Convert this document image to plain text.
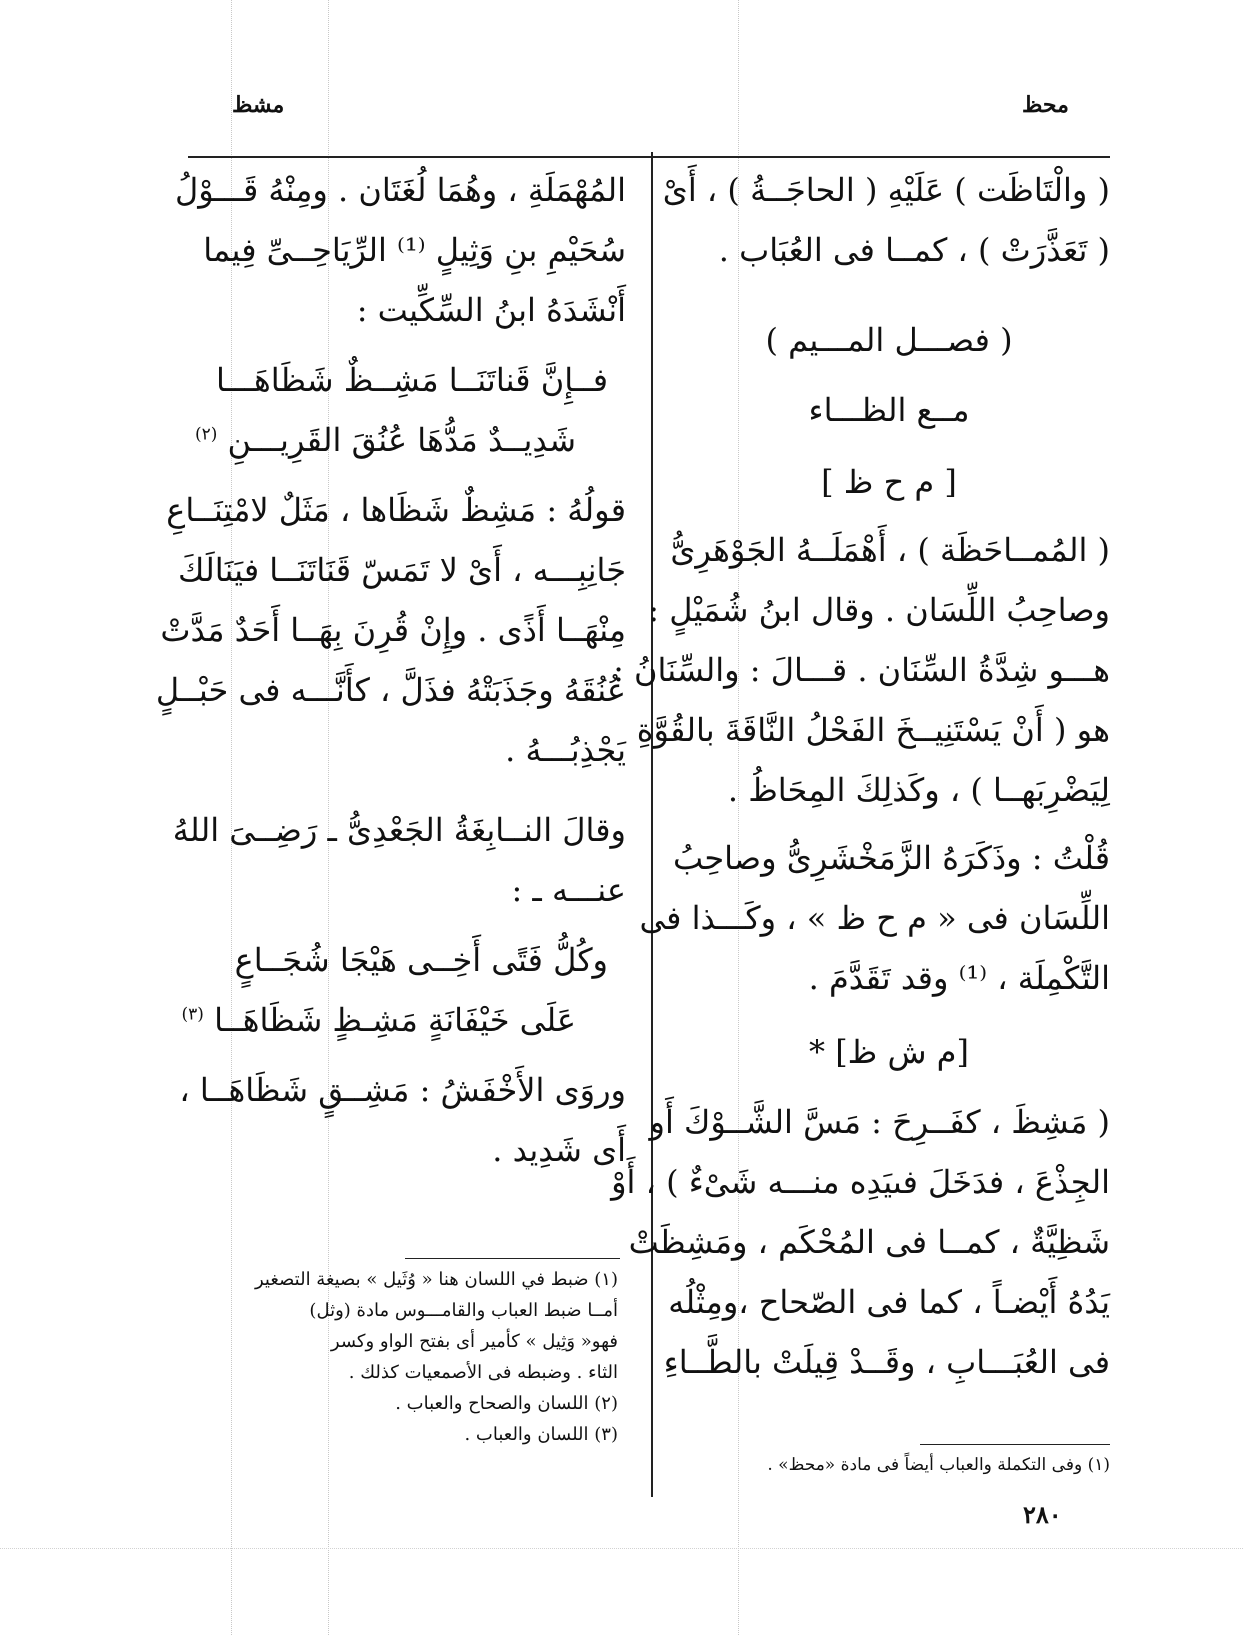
محظ
مشظ

( والْتَاظَت ) عَلَيْهِ ( الحاجَــةُ ) ، أَىْ

( تَعَذَّرَتْ ) ، كمــا فى العُبَاب .

( فصـــل المـــيم )

مــع الظـــاء

[ م ح ظ ]

( المُمــاحَظَة ) ، أَهْمَلَــهُ الجَوْهَرِىُّ

وصاحِبُ اللِّسَان . وقال ابنُ شُمَيْلٍ :

هـــو شِدَّةُ السِّنَان . قـــالَ : والسِّنَانُ :

هو ( أَنْ يَسْتَنِيــخَ الفَحْلُ النَّاقَةَ بالقُوَّةِ

لِيَضْرِبَهــا ) ، وكَذلِكَ المِحَاظُ .

قُلْتُ : وذَكَرَهُ الزَّمَخْشَرِىُّ وصاحِبُ

اللِّسَان فى « م ح ظ » ، وكَـــذا فى

التَّكْمِلَة ، ⁽¹⁾ وقد تَقَدَّمَ .

[م ش ظ] *

( مَشِظَ ، كفَــرِحَ : مَسَّ الشَّــوْكَ أَو

الجِذْعَ ، فدَخَلَ فىيَدِه منـــه شَىْءٌ ) ، أَوْ

شَظِيَّةٌ ، كمــا فى المُحْكَم ، ومَشِظَتْ

يَدُهُ أَيْضـاً ، كما فى الصّحاح ،ومِثْلُه

فى العُبَـــابِ ، وقَــدْ قِيلَتْ بالطَّــاءِ

(١) وفى التكملة والعباب أيضاً فى مادة «محظ» .

المُهْمَلَةِ ، وهُمَا لُغَتَان . ومِنْهُ قَـــوْلُ

سُحَيْمِ بنِ وَثِيلٍ ⁽¹⁾ الرِّيَاحِــىِّ فِيما

أَنْشَدَهُ ابنُ السِّكِّيت :

فــإِنَّ قَناتَنَــا مَشِــظٌ شَظَاهَـــا

شَدِيــدٌ مَدُّهَا عُنُقَ القَرِيـــنِ $^{(٢)}$

قولُهُ : مَشِظٌ شَظَاها ، مَثَلٌ لامْتِنَــاعِ

جَانِبِـــه ، أَىْ لا تَمَسّ قَنَاتَنَــا فيَنَالَكَ

مِنْهَــا أَذًى . وإِنْ قُرِنَ بِهَــا أَحَدٌ مَدَّتْ

عُنُقَهُ وجَذَبَتْهُ فذَلَّ ، كأَنَّـــه فى حَبْــلٍ

يَجْذِبُـــهُ .

وقالَ النــابِغَةُ الجَعْدِىُّ ـ رَضِــىَ اللهُ

عنـــه ـ :

وكُلُّ فَتًى أَخِــى هَيْجَا شُجَــاعٍ

عَلَى خَيْفَانَةٍ مَشِـظٍ شَظَاهَــا $^{(٣)}$

وروَى الأَخْفَشُ : مَشِــقٍ شَظَاهَــا ،

أَى شَدِيد .

(١) ضبط في اللسان هنا « وُثَيل » بصيغة التصغير

أمــا ضبط العباب والقامـــوس مادة (وثل)

فهو« وَثِيل » كأمير أى بفتح الواو وكسر

الثاء . وضبطه فى الأصمعيات كذلك .

(٢) اللسان والصحاح والعباب .

(٣) اللسان والعباب .

٢٨٠
